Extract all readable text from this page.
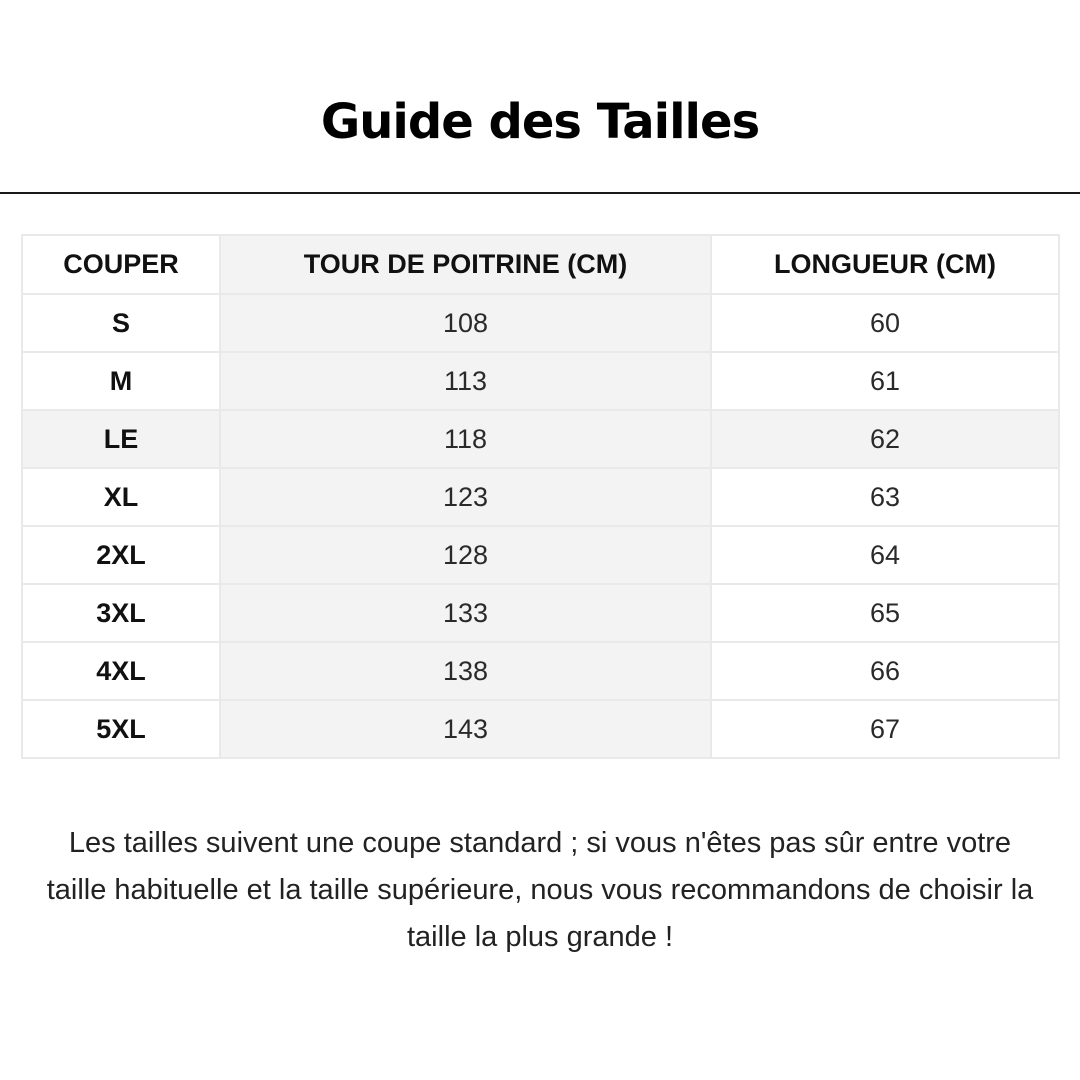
Guide des Tailles
COUPER	TOUR DE POITRINE (CM)	LONGUEUR (CM)
S	108	60
M	113	61
LE	118	62
XL	123	63
2XL	128	64
3XL	133	65
4XL	138	66
5XL	143	67

Les tailles suivent une coupe standard ; si vous n'êtes pas sûr entre votre taille habituelle et la taille supérieure, nous vous recommandons de choisir la taille la plus grande !
